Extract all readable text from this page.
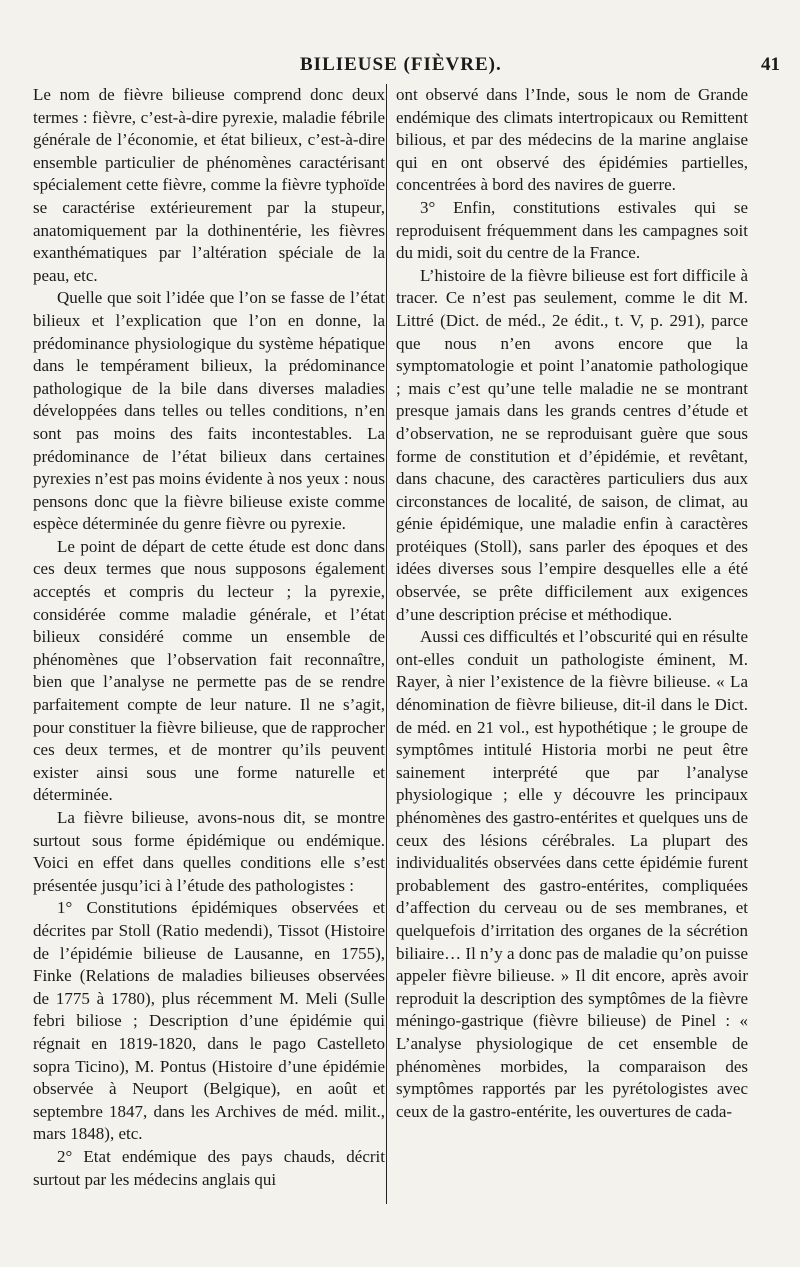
BILIEUSE (FIÈVRE).	41

Le nom de fièvre bilieuse comprend donc deux termes : fièvre, c’est-à-dire pyrexie, maladie fébrile générale de l’économie, et état bilieux, c’est-à-dire ensemble particulier de phénomènes caractérisant spécialement cette fièvre, comme la fièvre typhoïde se caractérise extérieurement par la stupeur, anatomiquement par la dothinentérie, les fièvres exanthématiques par l’altération spéciale de la peau, etc.

Quelle que soit l’idée que l’on se fasse de l’état bilieux et l’explication que l’on en donne, la prédominance physiologique du système hépatique dans le tempérament bilieux, la prédominance pathologique de la bile dans diverses maladies développées dans telles ou telles conditions, n’en sont pas moins des faits incontestables. La prédominance de l’état bilieux dans certaines pyrexies n’est pas moins évidente à nos yeux : nous pensons donc que la fièvre bilieuse existe comme espèce déterminée du genre fièvre ou pyrexie.

Le point de départ de cette étude est donc dans ces deux termes que nous supposons également acceptés et compris du lecteur ; la pyrexie, considérée comme maladie générale, et l’état bilieux considéré comme un ensemble de phénomènes que l’observation fait reconnaître, bien que l’analyse ne permette pas de se rendre parfaitement compte de leur nature. Il ne s’agit, pour constituer la fièvre bilieuse, que de rapprocher ces deux termes, et de montrer qu’ils peuvent exister ainsi sous une forme naturelle et déterminée.

La fièvre bilieuse, avons-nous dit, se montre surtout sous forme épidémique ou endémique. Voici en effet dans quelles conditions elle s’est présentée jusqu’ici à l’étude des pathologistes :

1° Constitutions épidémiques observées et décrites par Stoll (Ratio medendi), Tissot (Histoire de l’épidémie bilieuse de Lausanne, en 1755), Finke (Relations de maladies bilieuses observées de 1775 à 1780), plus récemment M. Meli (Sulle febri biliose ; Description d’une épidémie qui régnait en 1819-1820, dans le pago Castelleto sopra Ticino), M. Pontus (Histoire d’une épidémie observée à Neuport (Belgique), en août et septembre 1847, dans les Archives de méd. milit., mars 1848), etc.

2° Etat endémique des pays chauds, décrit surtout par les médecins anglais qui

ont observé dans l’Inde, sous le nom de Grande endémique des climats intertropicaux ou Remittent bilious, et par des médecins de la marine anglaise qui en ont observé des épidémies partielles, concentrées à bord des navires de guerre.

3° Enfin, constitutions estivales qui se reproduisent fréquemment dans les campagnes soit du midi, soit du centre de la France.

L’histoire de la fièvre bilieuse est fort difficile à tracer. Ce n’est pas seulement, comme le dit M. Littré (Dict. de méd., 2e édit., t. V, p. 291), parce que nous n’en avons encore que la symptomatologie et point l’anatomie pathologique ; mais c’est qu’une telle maladie ne se montrant presque jamais dans les grands centres d’étude et d’observation, ne se reproduisant guère que sous forme de constitution et d’épidémie, et revêtant, dans chacune, des caractères particuliers dus aux circonstances de localité, de saison, de climat, au génie épidémique, une maladie enfin à caractères protéiques (Stoll), sans parler des époques et des idées diverses sous l’empire desquelles elle a été observée, se prête difficilement aux exigences d’une description précise et méthodique.

Aussi ces difficultés et l’obscurité qui en résulte ont-elles conduit un pathologiste éminent, M. Rayer, à nier l’existence de la fièvre bilieuse. « La dénomination de fièvre bilieuse, dit-il dans le Dict. de méd. en 21 vol., est hypothétique ; le groupe de symptômes intitulé Historia morbi ne peut être sainement interprété que par l’analyse physiologique ; elle y découvre les principaux phénomènes des gastro-entérites et quelques uns de ceux des lésions cérébrales. La plupart des individualités observées dans cette épidémie furent probablement des gastro-entérites, compliquées d’affection du cerveau ou de ses membranes, et quelquefois d’irritation des organes de la sécrétion biliaire… Il n’y a donc pas de maladie qu’on puisse appeler fièvre bilieuse. » Il dit encore, après avoir reproduit la description des symptômes de la fièvre méningo-gastrique (fièvre bilieuse) de Pinel : « L’analyse physiologique de cet ensemble de phénomènes morbides, la comparaison des symptômes rapportés par les pyrétologistes avec ceux de la gastro-entérite, les ouvertures de cada-
